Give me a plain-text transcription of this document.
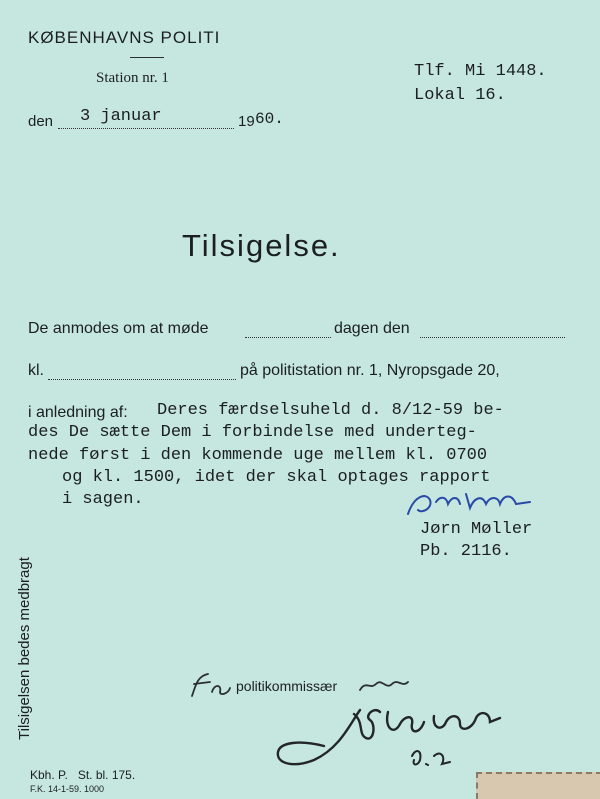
KØBENHAVNS POLITI
Station nr. 1
den 3 januar	19 60.
Tlf. Mi 1448.
Lokal 16.
Tilsigelse.
De anmodes om at møde	dagen den
kl.	på politistation nr. 1, Nyropsgade 20,
i anledning af: Deres færdselsuheld d. 8/12-59 be-
des De sætte Dem i forbindelse med underteg-
nede først i den kommende uge mellem kl. 0700
og kl. 1500, idet der skal optages rapport
i sagen.
Jørn Møller
Pb. 2116.
Tilsigelsen bedes medbragt	politikommissær
Kbh. P.   St. bl. 175.
F.K. 14-1-59. 1000
